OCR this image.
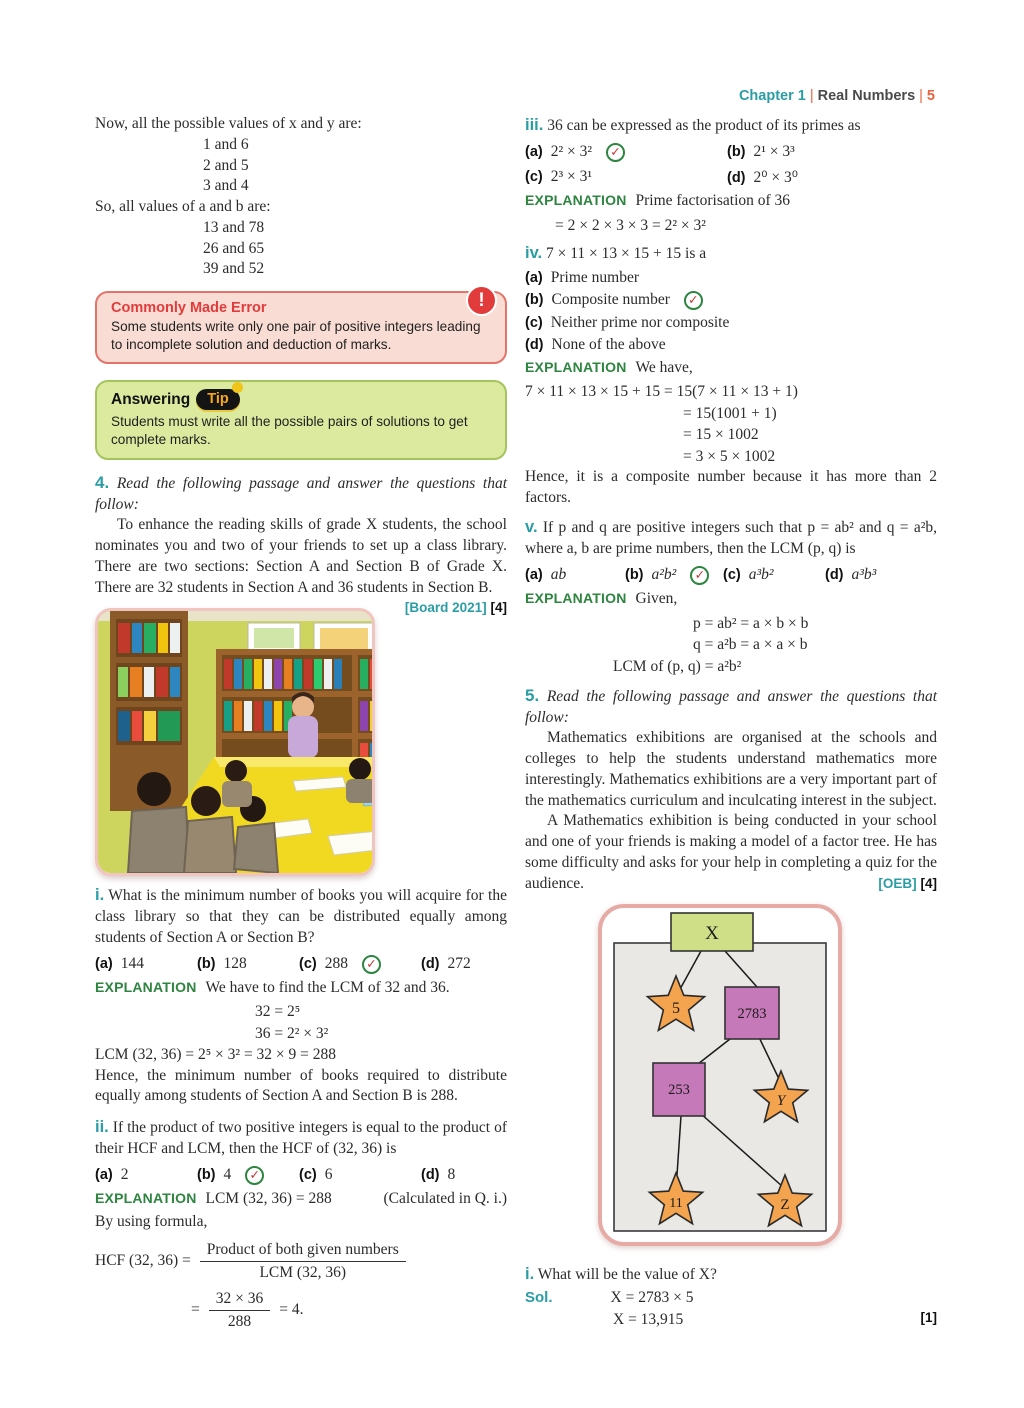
Chapter 1 | Real Numbers | 5
Now, all the possible values of x and y are:
1 and 6
2 and 5
3 and 4
So, all values of a and b are:
13 and 78
26 and 65
39 and 52
Commonly Made Error
Some students write only one pair of positive integers leading to incomplete solution and deduction of marks.
!
Answering	Tip
Students must write all the possible pairs of solutions to get complete marks.
4. Read the following passage and answer the questions that follow:
To enhance the reading skills of grade X students, the school nominates you and two of your friends to set up a class library. There are two sections: Section A and Section B of Grade X. There are 32 students in Section A and 36 students in Section B.
[Board 2021] [4]
i. What is the minimum number of books you will acquire for the class library so that they can be distributed equally among students of Section A or Section B?
(a) 144	(b) 128	(c) 288	✓	(d) 272
EXPLANATION We have to find the LCM of 32 and 36.
32 = 2⁵
36 = 2² × 3²
LCM (32, 36) = 2⁵ × 3² = 32 × 9 = 288
Hence, the minimum number of books required to distribute equally among students of Section A and Section B is 288.
ii. If the product of two positive integers is equal to the product of their HCF and LCM, then the HCF of (32, 36) is
(a) 2	(b) 4	✓	(c) 6	(d) 8
EXPLANATION LCM (32, 36) = 288	(Calculated in Q. i.)
By using formula,
HCF (32, $36) = \frac{\text{Product of both given numbers}}{\text{LCM (32, 36)}}$
= $\frac{32 \times 36}{288} = 4$.
iii. 36 can be expressed as the product of its primes as
(a) 2² × 3²	✓	(b) 2¹ × 3³
(c) 2³ × 3¹	(d) 2⁰ × 3⁰
EXPLANATION Prime factorisation of 36
= 2 × 2 × 3 × 3 = 2² × 3²
iv. 7 × 11 × 13 × 15 + 15 is a
(a) Prime number
(b) Composite number	✓
(c) Neither prime nor composite
(d) None of the above
EXPLANATION We have,
7 × 11 × 13 × 15 + 15 = 15(7 × 11 × 13 + 1)
= 15(1001 + 1)
= 15 × 1002
= 3 × 5 × 1002
Hence, it is a composite number because it has more than 2 factors.
v. If p and q are positive integers such that p = ab² and q = a²b, where a, b are prime numbers, then the LCM (p, q) is
(a) ab	(b) a²b²	✓ (c) a³b²	(d) a³b³
EXPLANATION Given,
p = ab² = a × b × b
q = a²b = a × a × b
LCM of (p, q) = a²b²
5. Read the following passage and answer the questions that follow:
Mathematics exhibitions are organised at the schools and colleges to help the students understand mathematics more interestingly. Mathematics exhibitions are a very important part of the mathematics curriculum and inculcating interest in the subject.
A Mathematics exhibition is being conducted in your school and one of your friends is making a model of a factor tree. He has some difficulty and asks for your help in completing a quiz for the audience.	[OEB] [4]
X
5	2783
253
Y
11	Z
i. What will be the value of X?
Sol.	X = 2783 × 5
X = 13,915	[1]
